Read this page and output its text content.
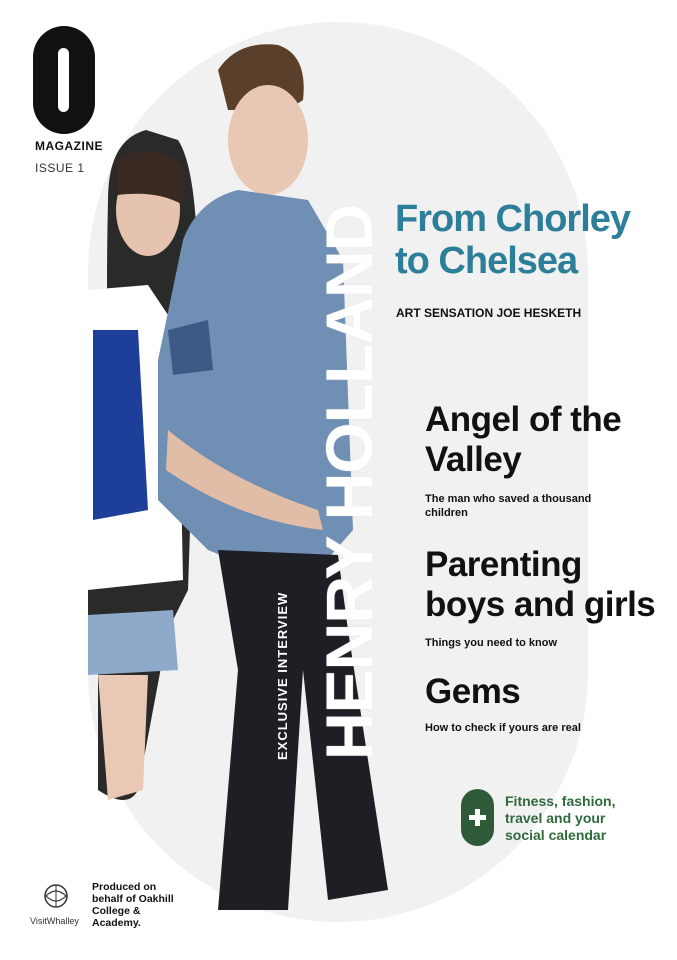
MAGAZINE
ISSUE 1
HENRY HOLLAND
EXCLUSIVE INTERVIEW
From Chorley to Chelsea
ART SENSATION JOE HESKETH
Angel of the Valley
The man who saved a thousand children
Parenting boys and girls
Things you need to know
Gems
How to check if yours are real
Fitness, fashion, travel and your social calendar
VisitWhalley
Produced on behalf of Oakhill College & Academy.
